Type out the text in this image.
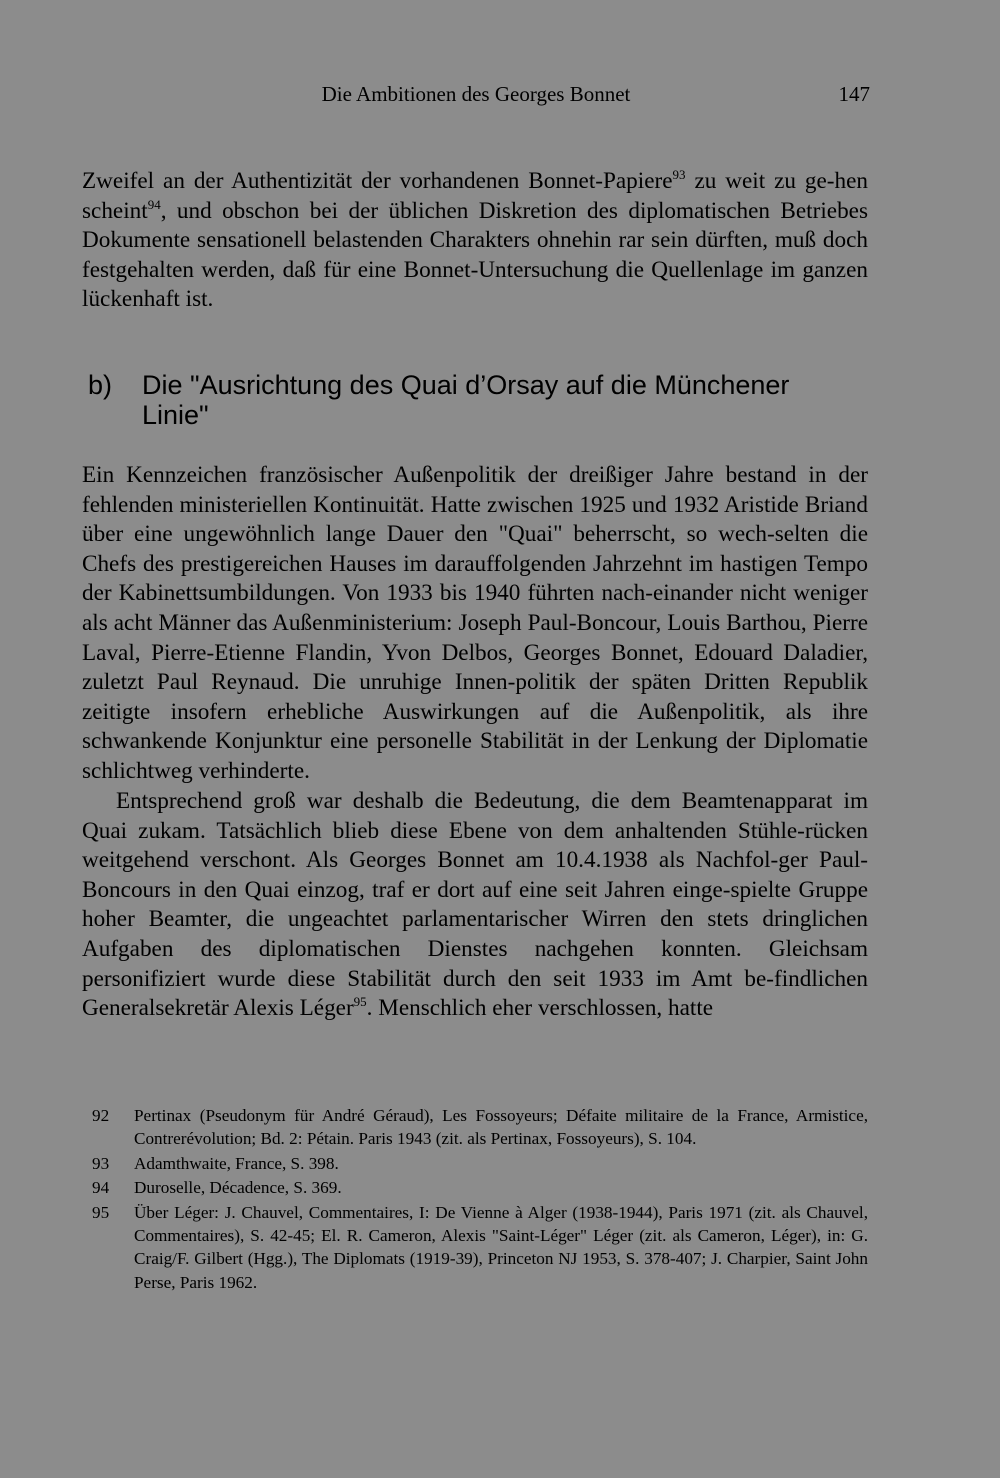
Die Ambitionen des Georges Bonnet	147

Zweifel an der Authentizität der vorhandenen Bonnet-Papiere$^{93}$ zu weit zu ge-hen scheint$^{94}$, und obschon bei der üblichen Diskretion des diplomatischen Betriebes Dokumente sensationell belastenden Charakters ohnehin rar sein dürften, muß doch festgehalten werden, daß für eine Bonnet-Untersuchung die Quellenlage im ganzen lückenhaft ist.

b) Die "Ausrichtung des Quai d’Orsay auf die Münchener Linie"

Ein Kennzeichen französischer Außenpolitik der dreißiger Jahre bestand in der fehlenden ministeriellen Kontinuität. Hatte zwischen 1925 und 1932 Aristide Briand über eine ungewöhnlich lange Dauer den "Quai" beherrscht, so wech-selten die Chefs des prestigereichen Hauses im darauffolgenden Jahrzehnt im hastigen Tempo der Kabinettsumbildungen. Von 1933 bis 1940 führten nach-einander nicht weniger als acht Männer das Außenministerium: Joseph Paul-Boncour, Louis Barthou, Pierre Laval, Pierre-Etienne Flandin, Yvon Delbos, Georges Bonnet, Edouard Daladier, zuletzt Paul Reynaud. Die unruhige Innen-politik der späten Dritten Republik zeitigte insofern erhebliche Auswirkungen auf die Außenpolitik, als ihre schwankende Konjunktur eine personelle Stabilität in der Lenkung der Diplomatie schlichtweg verhinderte.

Entsprechend groß war deshalb die Bedeutung, die dem Beamtenapparat im Quai zukam. Tatsächlich blieb diese Ebene von dem anhaltenden Stühle-rücken weitgehend verschont. Als Georges Bonnet am 10.4.1938 als Nachfol-ger Paul-Boncours in den Quai einzog, traf er dort auf eine seit Jahren einge-spielte Gruppe hoher Beamter, die ungeachtet parlamentarischer Wirren den stets dringlichen Aufgaben des diplomatischen Dienstes nachgehen konnten. Gleichsam personifiziert wurde diese Stabilität durch den seit 1933 im Amt be-findlichen Generalsekretär Alexis Léger$^{95}$. Menschlich eher verschlossen, hatte

92 Pertinax (Pseudonym für André Géraud), Les Fossoyeurs; Défaite militaire de la France, Armistice, Contrerévolution; Bd. 2: Pétain. Paris 1943 (zit. als Pertinax, Fossoyeurs), S. 104.
93 Adamthwaite, France, S. 398.
94 Duroselle, Décadence, S. 369.
95 Über Léger: J. Chauvel, Commentaires, I: De Vienne à Alger (1938-1944), Paris 1971 (zit. als Chauvel, Commentaires), S. 42-45; El. R. Cameron, Alexis "Saint-Léger" Léger (zit. als Cameron, Léger), in: G. Craig/F. Gilbert (Hgg.), The Diplomats (1919-39), Princeton NJ 1953, S. 378-407; J. Charpier, Saint John Perse, Paris 1962.
